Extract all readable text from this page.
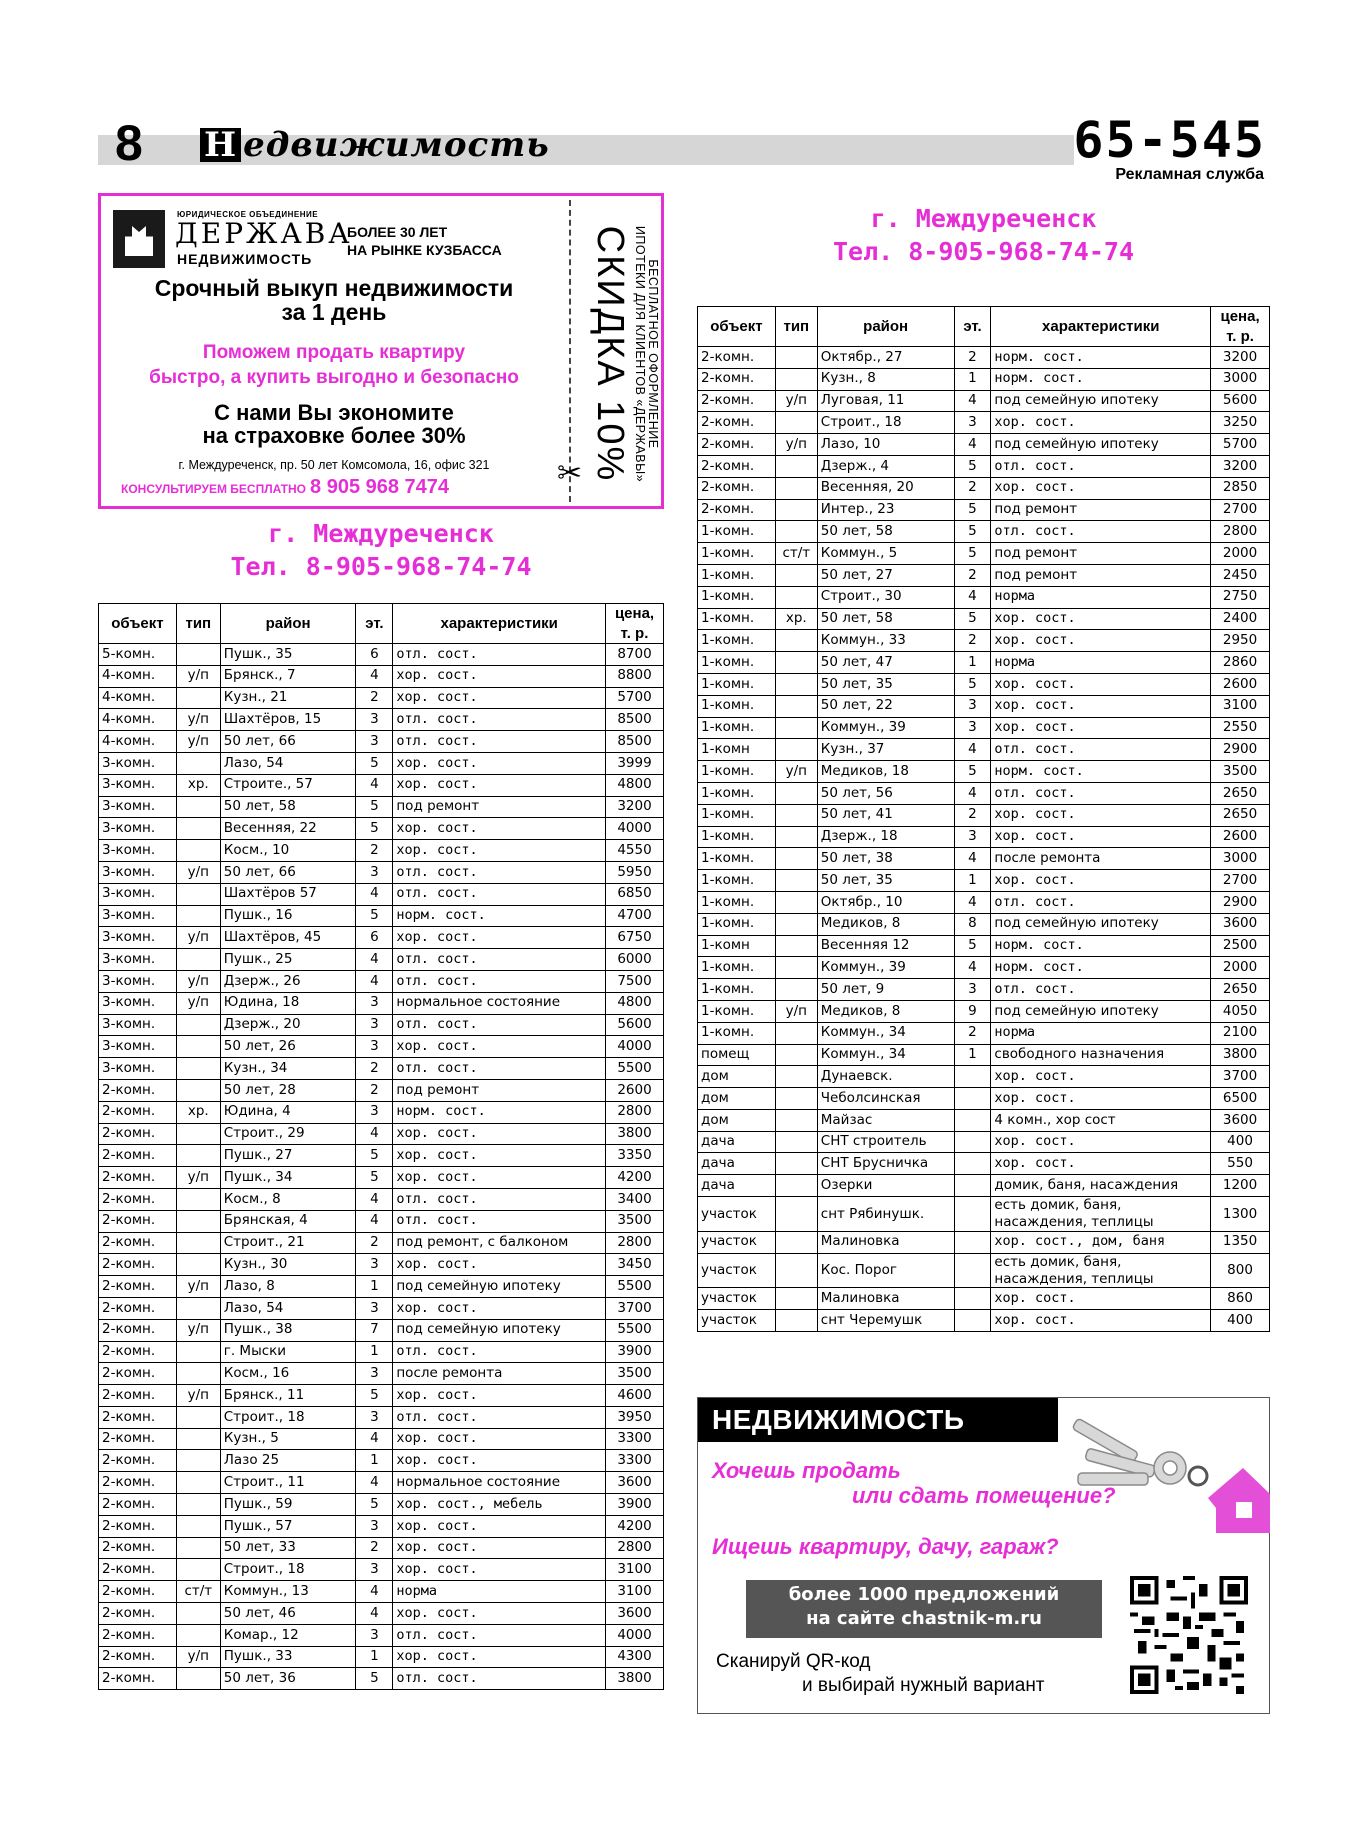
8 Н едвижимость	65-545
Рекламная служба
ЮРИДИЧЕСКОЕ ОБЪЕДИНЕНИЕ
ДЕРЖАВА
НЕДВИЖИМОСТЬ
БОЛЕЕ 30 ЛЕТ
НА РЫНКЕ КУЗБАССА
Срочный выкуп недвижимости
за 1 день
Поможем продать квартиру
быстро, а купить выгодно и безопасно
С нами Вы экономите
на страховке более 30%
г. Междуреченск, пр. 50 лет Комсомола, 16, офис 321
КОНСУЛЬТИРУЕМ БЕСПЛАТНО 8 905 968 7474	✂
БЕСПЛАТНОЕ ОФОРМЛЕНИЕ
ИПОТЕКИ ДЛЯ КЛИЕНТОВ «ДЕРЖАВЫ»
СКИДКА 10%
г. Междуреченск
Тел. 8-905-968-74-74
г. Междуреченск
Тел. 8-905-968-74-74
объект	тип	район	эт.	характеристики	цена,
т. р.

5-комн.		Пушк., 35	6	отл. сост.	8700
4-комн.	у/п	Брянск., 7	4	хор. сост.	8800
4-комн.		Кузн., 21	2	хор. сост.	5700
4-комн.	у/п	Шахтёров, 15	3	отл. сост.	8500
4-комн.	у/п	50 лет, 66	3	отл. сост.	8500
3-комн.		Лазо, 54	5	хор. сост.	3999
3-комн.	хр.	Строите., 57	4	хор. сост.	4800
3-комн.		50 лет, 58	5	под ремонт	3200
3-комн.		Весенняя, 22	5	хор. сост.	4000
3-комн.		Косм., 10	2	хор. сост.	4550
3-комн.	у/п	50 лет, 66	3	отл. сост.	5950
3-комн.		Шахтёров 57	4	отл. сост.	6850
3-комн.		Пушк., 16	5	норм. сост.	4700
3-комн.	у/п	Шахтёров, 45	6	хор. сост.	6750
3-комн.		Пушк., 25	4	отл. сост.	6000
3-комн.	у/п	Дзерж., 26	4	отл. сост.	7500
3-комн.	у/п	Юдина, 18	3	нормальное состояние	4800
3-комн.		Дзерж., 20	3	отл. сост.	5600
3-комн.		50 лет, 26	3	хор. сост.	4000
3-комн.		Кузн., 34	2	отл. сост.	5500
2-комн.		50 лет, 28	2	под ремонт	2600
2-комн.	хр.	Юдина, 4	3	норм. сост.	2800
2-комн.		Строит., 29	4	хор. сост.	3800
2-комн.		Пушк., 27	5	хор. сост.	3350
2-комн.	у/п	Пушк., 34	5	хор. сост.	4200
2-комн.		Косм., 8	4	отл. сост.	3400
2-комн.		Брянская, 4	4	отл. сост.	3500
2-комн.		Строит., 21	2	под ремонт, с балконом	2800
2-комн.		Кузн., 30	3	хор. сост.	3450
2-комн.	у/п	Лазо, 8	1	под семейную ипотеку	5500
2-комн.		Лазо, 54	3	хор. сост.	3700
2-комн.	у/п	Пушк., 38	7	под семейную ипотеку	5500
2-комн.		г. Мыски	1	отл. сост.	3900
2-комн.		Косм., 16	3	после ремонта	3500
2-комн.	у/п	Брянск., 11	5	хор. сост.	4600
2-комн.		Строит., 18	3	отл. сост.	3950
2-комн.		Кузн., 5	4	хор. сост.	3300
2-комн.		Лазо 25	1	хор. сост.	3300
2-комн.		Строит., 11	4	нормальное состояние	3600
2-комн.		Пушк., 59	5	хор. сост., мебель	3900
2-комн.		Пушк., 57	3	хор. сост.	4200
2-комн.		50 лет, 33	2	хор. сост.	2800
2-комн.		Строит., 18	3	хор. сост.	3100
2-комн.	ст/т	Коммун., 13	4	норма	3100
2-комн.		50 лет, 46	4	хор. сост.	3600
2-комн.		Комар., 12	3	отл. сост.	4000
2-комн.	у/п	Пушк., 33	1	хор. сост.	4300
2-комн.		50 лет, 36	5	отл. сост.	3800
объект	тип	район	эт.	характеристики	цена,
т. р.

2-комн.		Октябр., 27	2	норм. сост.	3200
2-комн.		Кузн., 8	1	норм. сост.	3000
2-комн.	у/п	Луговая, 11	4	под семейную ипотеку	5600
2-комн.		Строит., 18	3	хор. сост.	3250
2-комн.	у/п	Лазо, 10	4	под семейную ипотеку	5700
2-комн.		Дзерж., 4	5	отл. сост.	3200
2-комн.		Весенняя, 20	2	хор. сост.	2850
2-комн.		Интер., 23	5	под ремонт	2700
1-комн.		50 лет, 58	5	отл. сост.	2800
1-комн.	ст/т	Коммун., 5	5	под ремонт	2000
1-комн.		50 лет, 27	2	под ремонт	2450
1-комн.		Строит., 30	4	норма	2750
1-комн.	хр.	50 лет, 58	5	хор. сост.	2400
1-комн.		Коммун., 33	2	хор. сост.	2950
1-комн.		50 лет, 47	1	норма	2860
1-комн.		50 лет, 35	5	хор. сост.	2600
1-комн.		50 лет, 22	3	хор. сост.	3100
1-комн.		Коммун., 39	3	хор. сост.	2550
1-комн		Кузн., 37	4	отл. сост.	2900
1-комн.	у/п	Медиков, 18	5	норм. сост.	3500
1-комн.		50 лет, 56	4	отл. сост.	2650
1-комн.		50 лет, 41	2	хор. сост.	2650
1-комн.		Дзерж., 18	3	хор. сост.	2600
1-комн.		50 лет, 38	4	после ремонта	3000
1-комн.		50 лет, 35	1	хор. сост.	2700
1-комн.		Октябр., 10	4	отл. сост.	2900
1-комн.		Медиков, 8	8	под семейную ипотеку	3600
1-комн		Весенняя 12	5	норм. сост.	2500
1-комн.		Коммун., 39	4	норм. сост.	2000
1-комн.		50 лет, 9	3	отл. сост.	2650
1-комн.	у/п	Медиков, 8	9	под семейную ипотеку	4050
1-комн.		Коммун., 34	2	норма	2100
помещ		Коммун., 34	1	свободного назначения	3800
дом		Дунаевск.		хор. сост.	3700
дом		Чеболсинская		хор. сост.	6500
дом		Майзас		4 комн., хор сост	3600
дача		СНТ строитель		хор. сост.	400
дача		СНТ Брусничка		хор. сост.	550
дача		Озерки		домик, баня, насаждения	1200
участок		снт Рябинушк.		есть домик, баня, насаждения, теплицы	1300
участок		Малиновка		хор. сост., дом, баня	1350
участок		Кос. Порог		есть домик, баня, насаждения, теплицы	800
участок		Малиновка		хор. сост.	860
участок		снт Черемушк		хор. сост.	400
НЕДВИЖИМОСТЬ
Хочешь продать
или сдать помещение?
Ищешь квартиру, дачу, гараж?
более 1000 предложений
на сайте chastnik-m.ru
Сканируй QR-код
и выбирай нужный вариант
